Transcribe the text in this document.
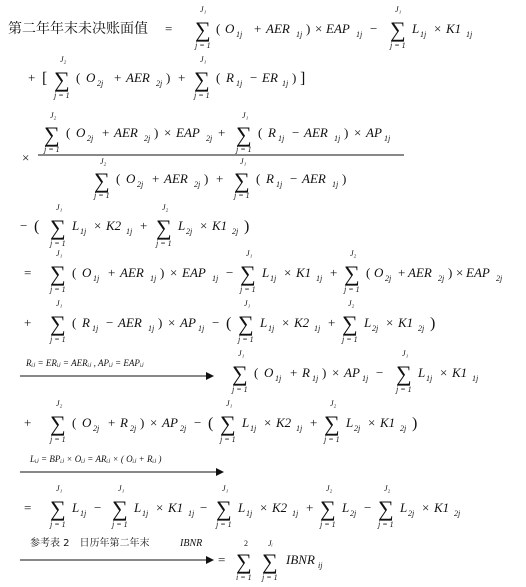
第二年年末未决账面值 =
J₁
∑
j = 1
( O 1j + AER 1j ) × EAP 1j −
J₁
∑
j = 1
L 1j × K1 1j
+ [
J₂
∑
j = 1
( O 2j + AER 2j ) +
J₁
∑
j = 1
( R 1j − ER 1j ) ]
×
J₂
∑
j = 1
( O 2j + AER 2j ) × EAP 2j +
J₁
∑
j = 1
( R 1j − AER 1j ) × AP 1j
J₂
∑
j = 1
( O 2j + AER 2j ) +
J₁
∑
j = 1
( R 1j − AER 1j )
− (
J₁
∑
j = 1
L 1j × K2 1j +
J₂
∑
j = 1
L 2j × K1 2j )
=
J₁
∑
j = 1
( O 1j + AER 1j ) × EAP 1j −
J₁
∑
j = 1
L 1j × K1 1j +
J₂
∑
j = 1
( O 2j + AER 2j ) × EAP 2j
+
J₁
∑
j = 1
( R 1j − AER 1j ) × AP 1j − (
J₁
∑
j = 1
L 1j × K2 1j +
J₂
∑
j = 1
L 2j × K1 2j )
Rᵢⱼ = ERᵢⱼ = AERᵢⱼ , APᵢⱼ = EAPᵢⱼ
J₁
∑
j = 1
( O 1j + R 1j ) × AP 1j −
J₁
∑
j = 1
L 1j × K1 1j
+
J₂
∑
j = 1
( O 2j + R 2j ) × AP 2j − (
J₁
∑
j = 1
L 1j × K2 1j +
J₂
∑
j = 1
L 2j × K1 2j )
Lᵢⱼ = BPᵢⱼ × Oᵢⱼ = ARᵢⱼ × ( Oᵢⱼ + Rᵢⱼ )
=
J₁
∑
j = 1
L 1j −
J₁
∑
j = 1
L 1j × K1 1j −
J₁
∑
j = 1
L 1j × K2 1j +
J₂
∑
j = 1
L 2j −
J₂
∑
j = 1
L 2j × K1 2j
参考表 2　日历年第二年末	IBNR
=
2
∑
i = 1
Jᵢ
∑
j = 1
IBNR ij
